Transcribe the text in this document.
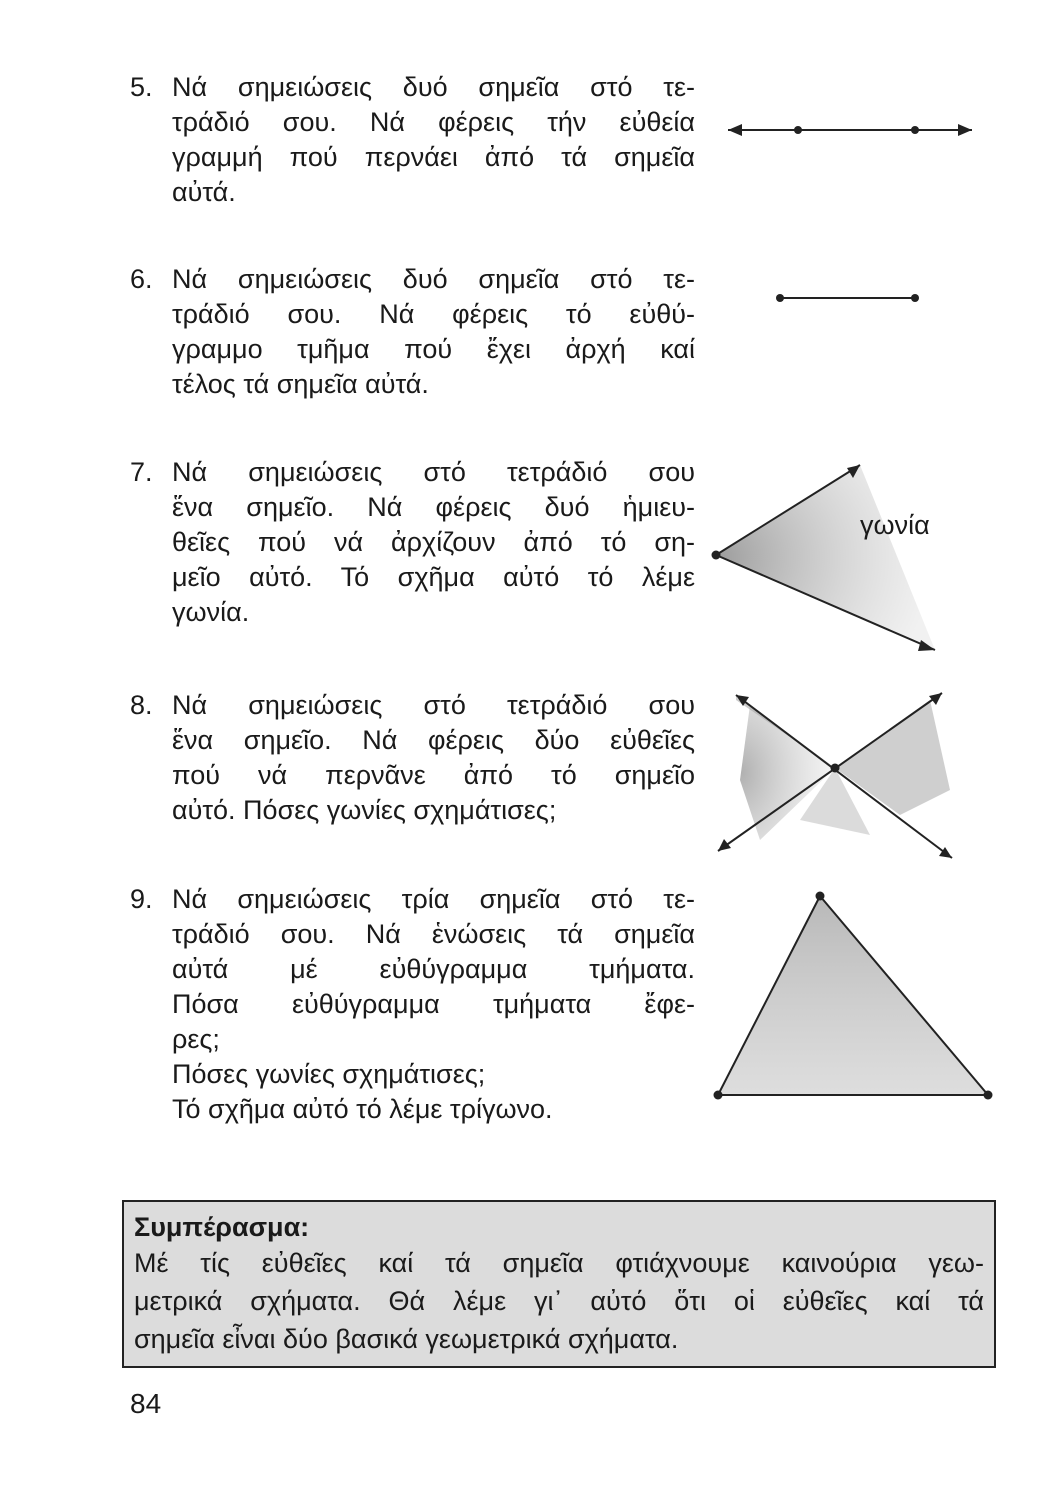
γωνία
5. Νά σημειώσεις δυό σημεῖα στό τε-
τράδιό σου. Νά φέρεις τήν εὐθεία
γραμμή πού περνάει ἀπό τά σημεῖα
αὐτά.
6. Νά σημειώσεις δυό σημεῖα στό τε-
τράδιό σου. Νά φέρεις τό εὐθύ-
γραμμο τμῆμα πού ἔχει ἀρχή καί
τέλος τά σημεῖα αὐτά.
7. Νά σημειώσεις στό τετράδιό σου
ἕνα σημεῖο. Νά φέρεις δυό ἡμιευ-
θεῖες πού νά ἀρχίζουν ἀπό τό ση-
μεῖο αὐτό. Τό σχῆμα αὐτό τό λέμε
γωνία.
8. Νά σημειώσεις στό τετράδιό σου
ἕνα σημεῖο. Νά φέρεις δύο εὐθεῖες
πού νά περνᾶνε ἀπό τό σημεῖο
αὐτό. Πόσες γωνίες σχημάτισες;
9. Νά σημειώσεις τρία σημεῖα στό τε-
τράδιό σου. Νά ἑνώσεις τά σημεῖα
αὐτά μέ εὐθύγραμμα τμήματα.
Πόσα εὐθύγραμμα τμήματα ἔφε-
ρες;
Πόσες γωνίες σχημάτισες;
Τό σχῆμα αὐτό τό λέμε τρίγωνο.
Συμπέρασμα:
Μέ τίς εὐθεῖες καί τά σημεῖα φτιάχνουμε καινούρια γεω-
μετρικά σχήματα. Θά λέμε γι᾽ αὐτό ὅτι οἱ εὐθεῖες καί τά
σημεῖα εἶναι δύο βασικά γεωμετρικά σχήματα.
84
